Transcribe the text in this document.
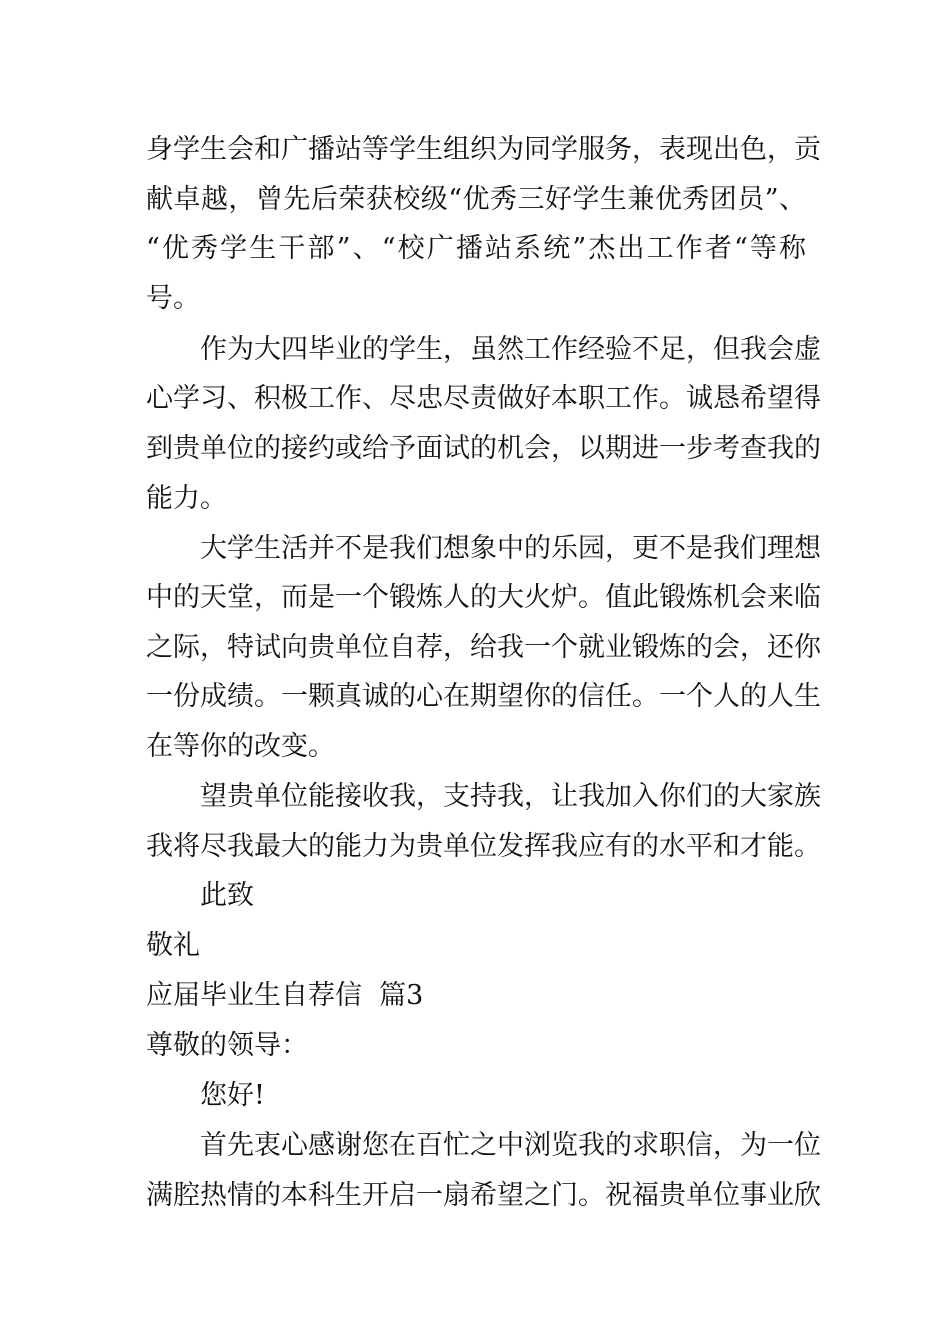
身学生会和广播站等学生组织为同学服务，表现出色，贡
献卓越，曾先后荣获校级“优秀三好学生兼优秀团员”、
“优秀学生干部”、“校广播站系统”杰出工作者“等称
号。
作为大四毕业的学生，虽然工作经验不足，但我会虚
心学习、积极工作、尽忠尽责做好本职工作。诚恳希望得
到贵单位的接约或给予面试的机会，以期进一步考查我的
能力。
大学生活并不是我们想象中的乐园，更不是我们理想
中的天堂，而是一个锻炼人的大火炉。值此锻炼机会来临
之际，特试向贵单位自荐，给我一个就业锻炼的会，还你
一份成绩。一颗真诚的心在期望你的信任。一个人的人生
在等你的改变。
望贵单位能接收我，支持我，让我加入你们的大家族
我将尽我最大的能力为贵单位发挥我应有的水平和才能。
此致
敬礼
应届毕业生自荐信  篇3
尊敬的领导：
您好!
首先衷心感谢您在百忙之中浏览我的求职信，为一位
满腔热情的本科生开启一扇希望之门。祝福贵单位事业欣
